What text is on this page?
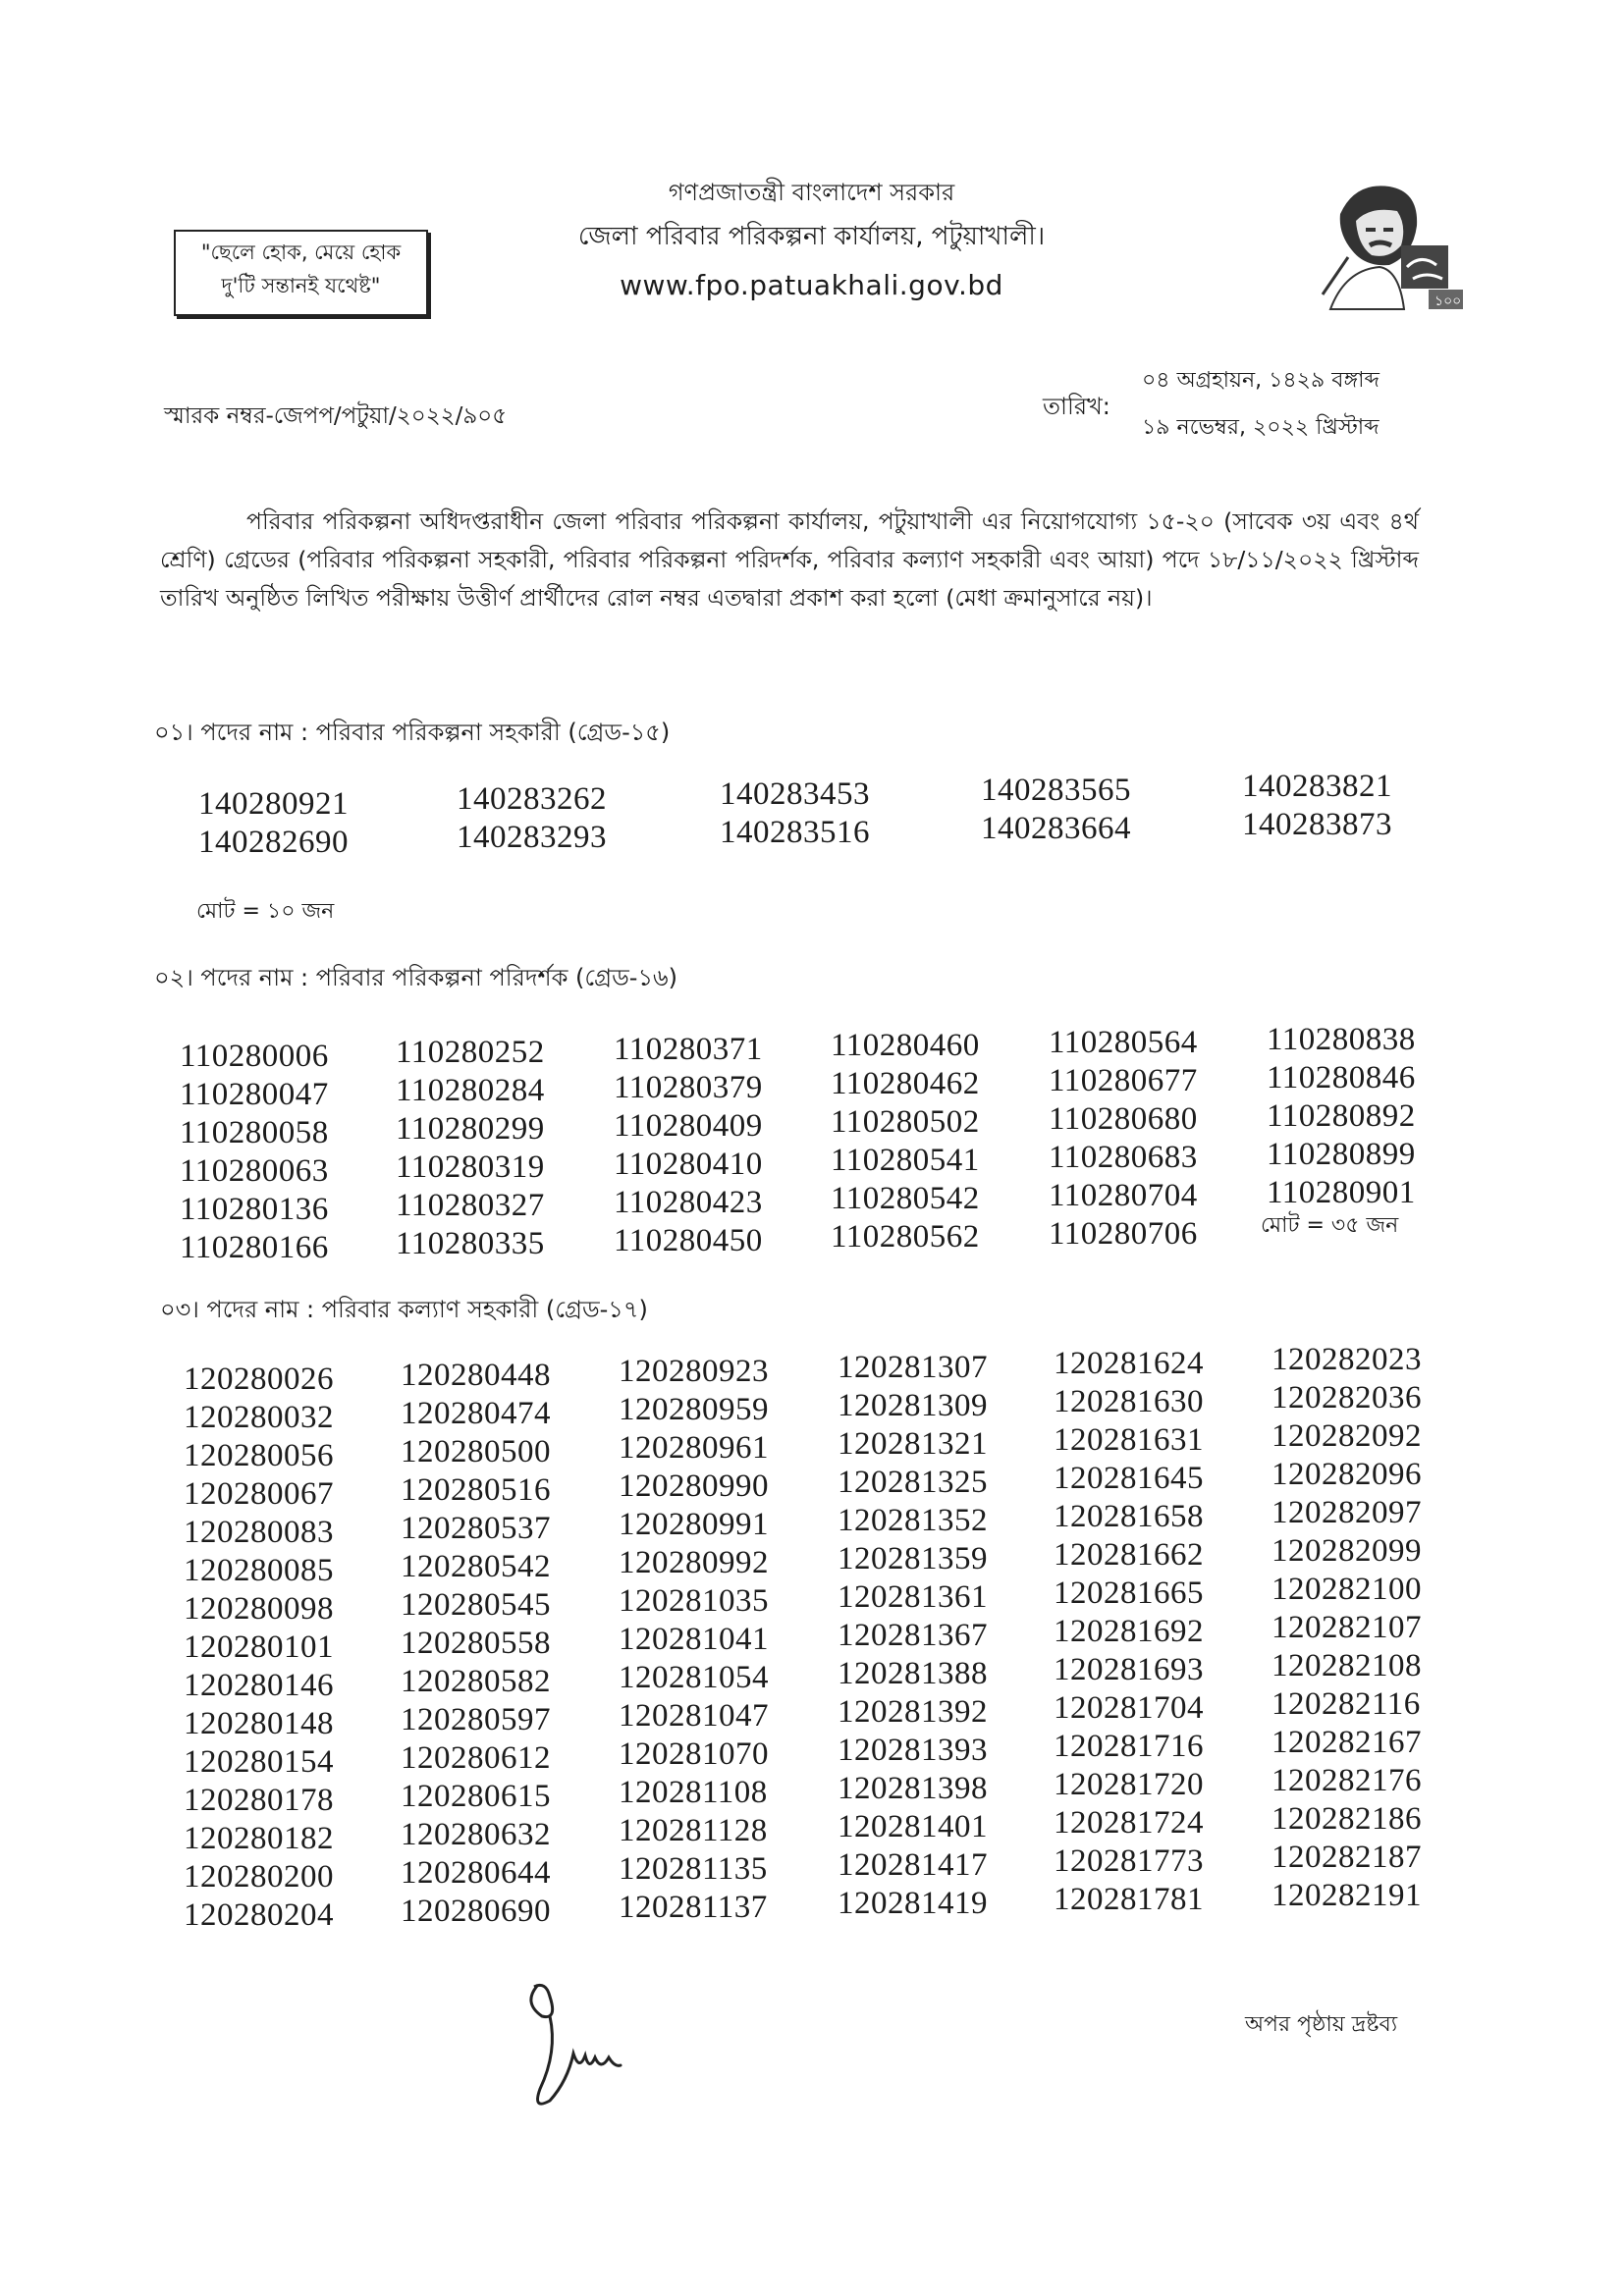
"ছেলে হোক, মেয়ে হোক
দু'টি সন্তানই যথেষ্ট"
গণপ্রজাতন্ত্রী বাংলাদেশ সরকার
জেলা পরিবার পরিকল্পনা কার্যালয়, পটুয়াখালী।
www.fpo.patuakhali.gov.bd	১০০
স্মারক নম্বর-জেপপ/পটুয়া/২০২২/৯০৫	তারিখ:
০৪ অগ্রহায়ন, ১৪২৯ বঙ্গাব্দ
১৯ নভেম্বর, ২০২২ খ্রিস্টাব্দ
পরিবার পরিকল্পনা অধিদপ্তরাধীন জেলা পরিবার পরিকল্পনা কার্যালয়, পটুয়াখালী এর নিয়োগযোগ্য ১৫-২০ (সাবেক ৩য় এবং ৪র্থ শ্রেণি) গ্রেডের (পরিবার পরিকল্পনা সহকারী, পরিবার পরিকল্পনা পরিদর্শক, পরিবার কল্যাণ সহকারী এবং আয়া) পদে ১৮/১১/২০২২ খ্রিস্টাব্দ তারিখ অনুষ্ঠিত লিখিত পরীক্ষায় উত্তীর্ণ প্রার্থীদের রোল নম্বর এতদ্বারা প্রকাশ করা হলো (মেধা ক্রমানুসারে নয়)।
০১। পদের নাম : পরিবার পরিকল্পনা সহকারী (গ্রেড-১৫)
140280921
140282690
140283262
140283293
140283453
140283516
140283565
140283664
140283821
140283873
মোট = ১০ জন
০২। পদের নাম : পরিবার পরিকল্পনা পরিদর্শক (গ্রেড-১৬)
110280006
110280047
110280058
110280063
110280136
110280166
110280252
110280284
110280299
110280319
110280327
110280335
110280371
110280379
110280409
110280410
110280423
110280450
110280460
110280462
110280502
110280541
110280542
110280562
110280564
110280677
110280680
110280683
110280704
110280706
110280838
110280846
110280892
110280899
110280901
মোট = ৩৫ জন
০৩। পদের নাম : পরিবার কল্যাণ সহকারী (গ্রেড-১৭)
120280026
120280032
120280056
120280067
120280083
120280085
120280098
120280101
120280146
120280148
120280154
120280178
120280182
120280200
120280204
120280448
120280474
120280500
120280516
120280537
120280542
120280545
120280558
120280582
120280597
120280612
120280615
120280632
120280644
120280690
120280923
120280959
120280961
120280990
120280991
120280992
120281035
120281041
120281054
120281047
120281070
120281108
120281128
120281135
120281137
120281307
120281309
120281321
120281325
120281352
120281359
120281361
120281367
120281388
120281392
120281393
120281398
120281401
120281417
120281419
120281624
120281630
120281631
120281645
120281658
120281662
120281665
120281692
120281693
120281704
120281716
120281720
120281724
120281773
120281781
120282023
120282036
120282092
120282096
120282097
120282099
120282100
120282107
120282108
120282116
120282167
120282176
120282186
120282187
120282191
অপর পৃষ্ঠায় দ্রষ্টব্য
